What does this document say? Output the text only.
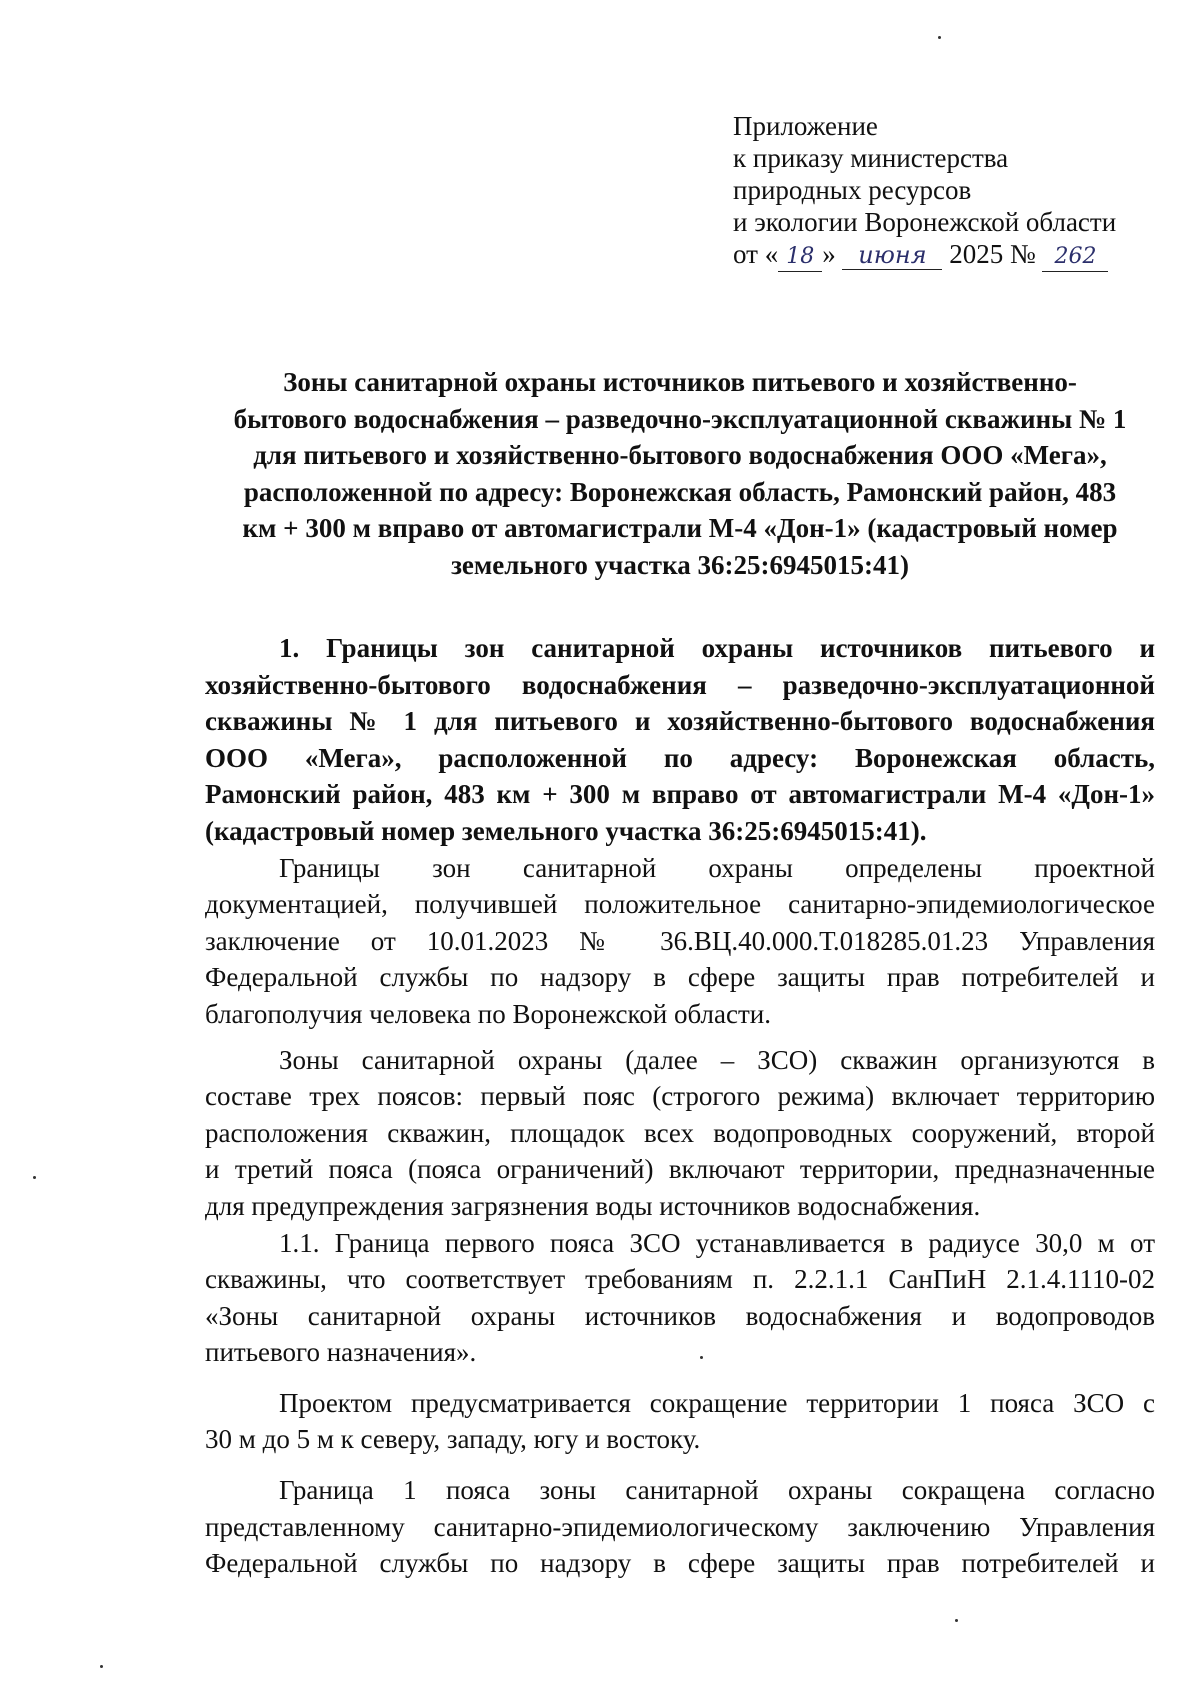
Приложение
к приказу министерства
природных ресурсов
и экологии Воронежской области
от « 18 » июня 2025 № 262
Зоны санитарной охраны источников питьевого и хозяйственно-
бытового водоснабжения – разведочно-эксплуатационной скважины № 1
для питьевого и хозяйственно-бытового водоснабжения ООО «Мега»,
расположенной по адресу: Воронежская область, Рамонский район, 483
км + 300 м вправо от автомагистрали М-4 «Дон-1» (кадастровый номер
земельного участка 36:25:6945015:41)
1. Границы зон санитарной охраны источников питьевого и
хозяйственно-бытового водоснабжения – разведочно-эксплуатационной
скважины № 1 для питьевого и хозяйственно-бытового водоснабжения
ООО «Мега», расположенной по адресу: Воронежская область,
Рамонский район, 483 км + 300 м вправо от автомагистрали М-4 «Дон-1»
(кадастровый номер земельного участка 36:25:6945015:41).
Границы зон санитарной охраны определены проектной
документацией, получившей положительное санитарно-эпидемиологическое
заключение от 10.01.2023 № 36.ВЦ.40.000.Т.018285.01.23 Управления
Федеральной службы по надзору в сфере защиты прав потребителей и
благополучия человека по Воронежской области.
Зоны санитарной охраны (далее – ЗСО) скважин организуются в
составе трех поясов: первый пояс (строгого режима) включает территорию
расположения скважин, площадок всех водопроводных сооружений, второй
и третий пояса (пояса ограничений) включают территории, предназначенные
для предупреждения загрязнения воды источников водоснабжения.
1.1. Граница первого пояса ЗСО устанавливается в радиусе 30,0 м от
скважины, что соответствует требованиям п. 2.2.1.1 СанПиН 2.1.4.1110-02
«Зоны санитарной охраны источников водоснабжения и водопроводов
питьевого назначения».
Проектом предусматривается сокращение территории 1 пояса ЗСО с
30 м до 5 м к северу, западу, югу и востоку.
Граница 1 пояса зоны санитарной охраны сокращена согласно
представленному санитарно-эпидемиологическому заключению Управления
Федеральной службы по надзору в сфере защиты прав потребителей и
